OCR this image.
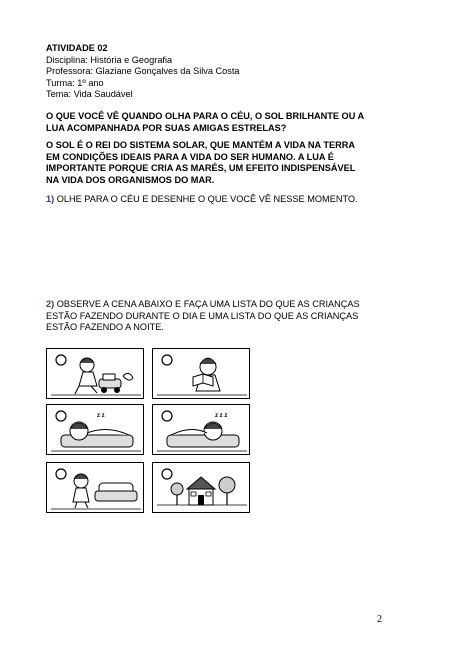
ATIVIDADE 02
Disciplina: História e Geografia
Professora: Glaziane Gonçalves da Silva Costa
Turma: 1º ano
Tema: Vida Saudável
O QUE VOCÊ VÊ QUANDO OLHA PARA O CÉU, O SOL BRILHANTE OU A
LUA ACOMPANHADA POR SUAS AMIGAS ESTRELAS?
O SOL É O REI DO SISTEMA SOLAR, QUE MANTÉM A VIDA NA TERRA
EM CONDIÇÕES IDEAIS PARA A VIDA DO SER HUMANO. A LUA É
IMPORTANTE PORQUE CRIA AS MARÉS, UM EFEITO INDISPENSÁVEL
NA VIDA DOS ORGANISMOS DO MAR.
1) OLHE PARA O CÉU E DESENHE O QUE VOCÊ VÊ NESSE MOMENTO.
2) OBSERVE A CENA ABAIXO E FAÇA UMA LISTA DO QUE AS CRIANÇAS
ESTÃO FAZENDO DURANTE O DIA E UMA LISTA DO QUE AS CRIANÇAS
ESTÃO FAZENDO A NOITE.
z z	z z z
2
